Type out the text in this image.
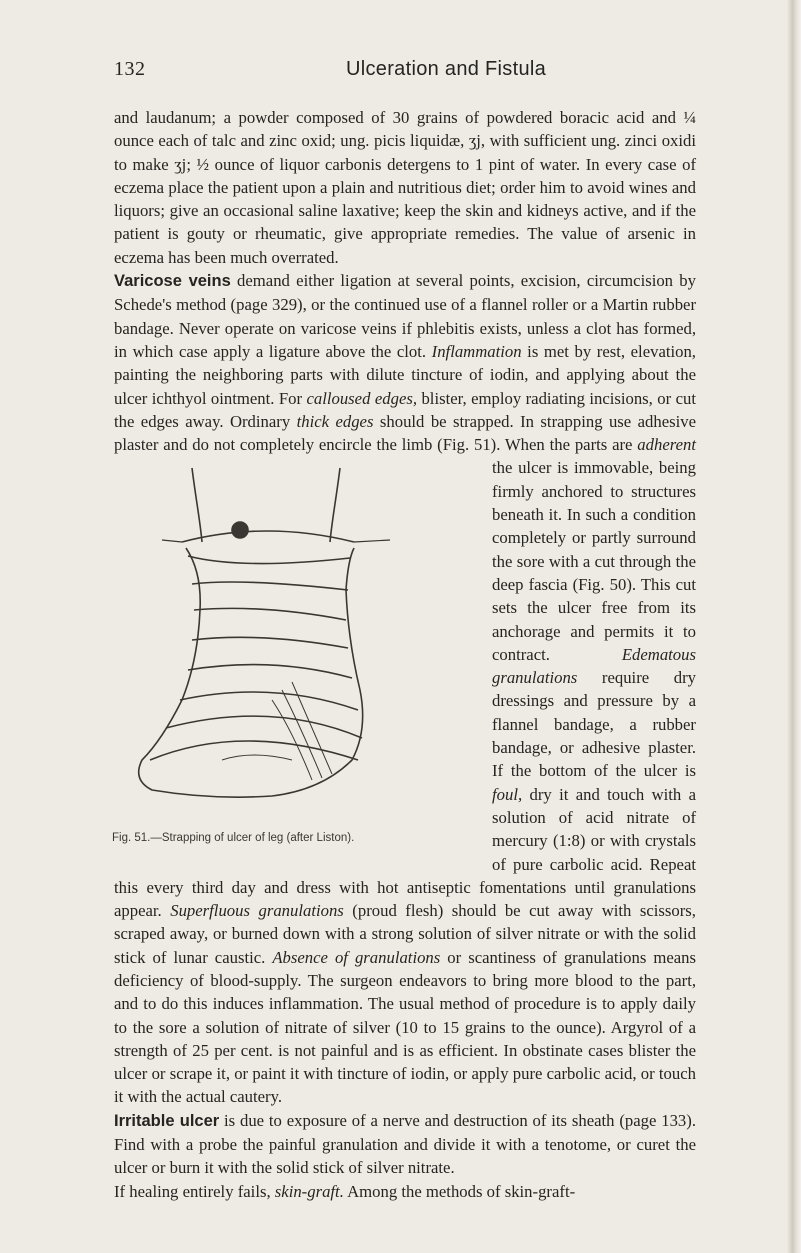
132	Ulceration and Fistula

and laudanum; a powder composed of 30 grains of powdered boracic acid and ¼ ounce each of talc and zinc oxid; ung. picis liquidæ, ʒj, with sufficient ung. zinci oxidi to make ʒj; ½ ounce of liquor carbonis detergens to 1 pint of water. In every case of eczema place the patient upon a plain and nutritious diet; order him to avoid wines and liquors; give an occasional saline laxative; keep the skin and kidneys active, and if the patient is gouty or rheumatic, give appropriate remedies. The value of arsenic in eczema has been much overrated.

Varicose veins demand either ligation at several points, excision, circumcision by Schede's method (page 329), or the continued use of a flannel roller or a Martin rubber bandage. Never operate on varicose veins if phlebitis exists, unless a clot has formed, in which case apply a ligature above the clot. Inflammation is met by rest, elevation, painting the neighboring parts with dilute tincture of iodin, and applying about the ulcer ichthyol ointment. For calloused edges, blister, employ radiating incisions, or cut the edges away. Ordinary thick edges should be strapped. In strapping use adhesive plaster and do not completely encircle the limb (Fig. 51). When the parts are
Fig. 51.—Strapping of ulcer of leg (after Liston).
adherent the ulcer is immovable, being firmly anchored to structures beneath it. In such a condition completely or partly surround the sore with a cut through the deep fascia (Fig. 50). This cut sets the ulcer free from its anchorage and permits it to contract. Edematous granulations require dry dressings and pressure by a flannel bandage, a rubber bandage, or adhesive plaster. If the bottom of the ulcer is foul, dry it and touch with a solution of acid nitrate of mercury (1:8) or with crystals of pure carbolic acid. Repeat this every third day and dress with hot antiseptic fomentations until granulations appear. Superfluous granulations (proud flesh) should be cut away with scissors, scraped away, or burned down with a strong solution of silver nitrate or with the solid stick of lunar caustic. Absence of granulations or scantiness of granulations means deficiency of blood-supply. The surgeon endeavors to bring more blood to the part, and to do this induces inflammation. The usual method of procedure is to apply daily to the sore a solution of nitrate of silver (10 to 15 grains to the ounce). Argyrol of a strength of 25 per cent. is not painful and is as efficient. In obstinate cases blister the ulcer or scrape it, or paint it with tincture of iodin, or apply pure carbolic acid, or touch it with the actual cautery.

Irritable ulcer is due to exposure of a nerve and destruction of its sheath (page 133). Find with a probe the painful granulation and divide it with a tenotome, or curet the ulcer or burn it with the solid stick of silver nitrate.

If healing entirely fails, skin-graft. Among the methods of skin-graft-
